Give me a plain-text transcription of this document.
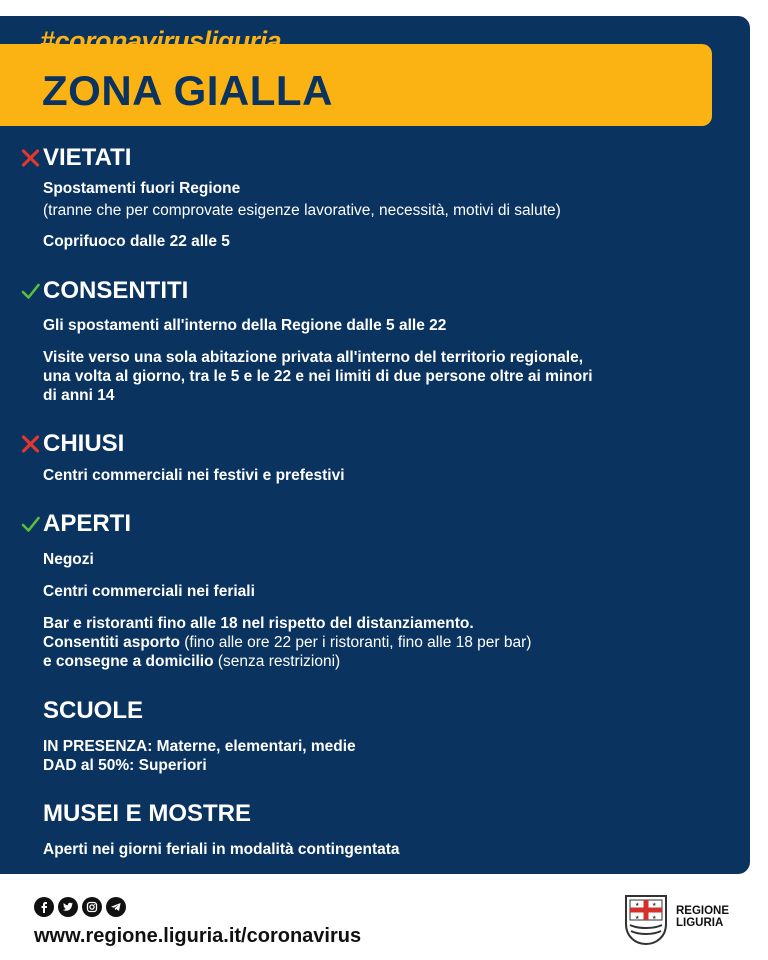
#coronavirusliguria

ZONA GIALLA
VIETATI

Spostamenti fuori Regione

(tranne che per comprovate esigenze lavorative, necessità, motivi di salute)

Coprifuoco dalle 22 alle 5

CONSENTITI

Gli spostamenti all'interno della Regione dalle 5 alle 22

Visite verso una sola abitazione privata all'interno del territorio regionale,

una volta al giorno, tra le 5 e le 22 e nei limiti di due persone oltre ai minori

di anni 14

CHIUSI

Centri commerciali nei festivi e prefestivi

APERTI

Negozi

Centri commerciali nei feriali

Bar e ristoranti fino alle 18 nel rispetto del distanziamento.

Consentiti asporto (fino alle ore 22 per i ristoranti, fino alle 18 per bar)

e consegne a domicilio (senza restrizioni)

SCUOLE

IN PRESENZA: Materne, elementari, medie

DAD al 50%: Superiori

MUSEI E MOSTRE

Aperti nei giorni feriali in modalità contingentata

www.regione.liguria.it/coronavirus

★	★
★	★

REGIONE
LIGURIA
